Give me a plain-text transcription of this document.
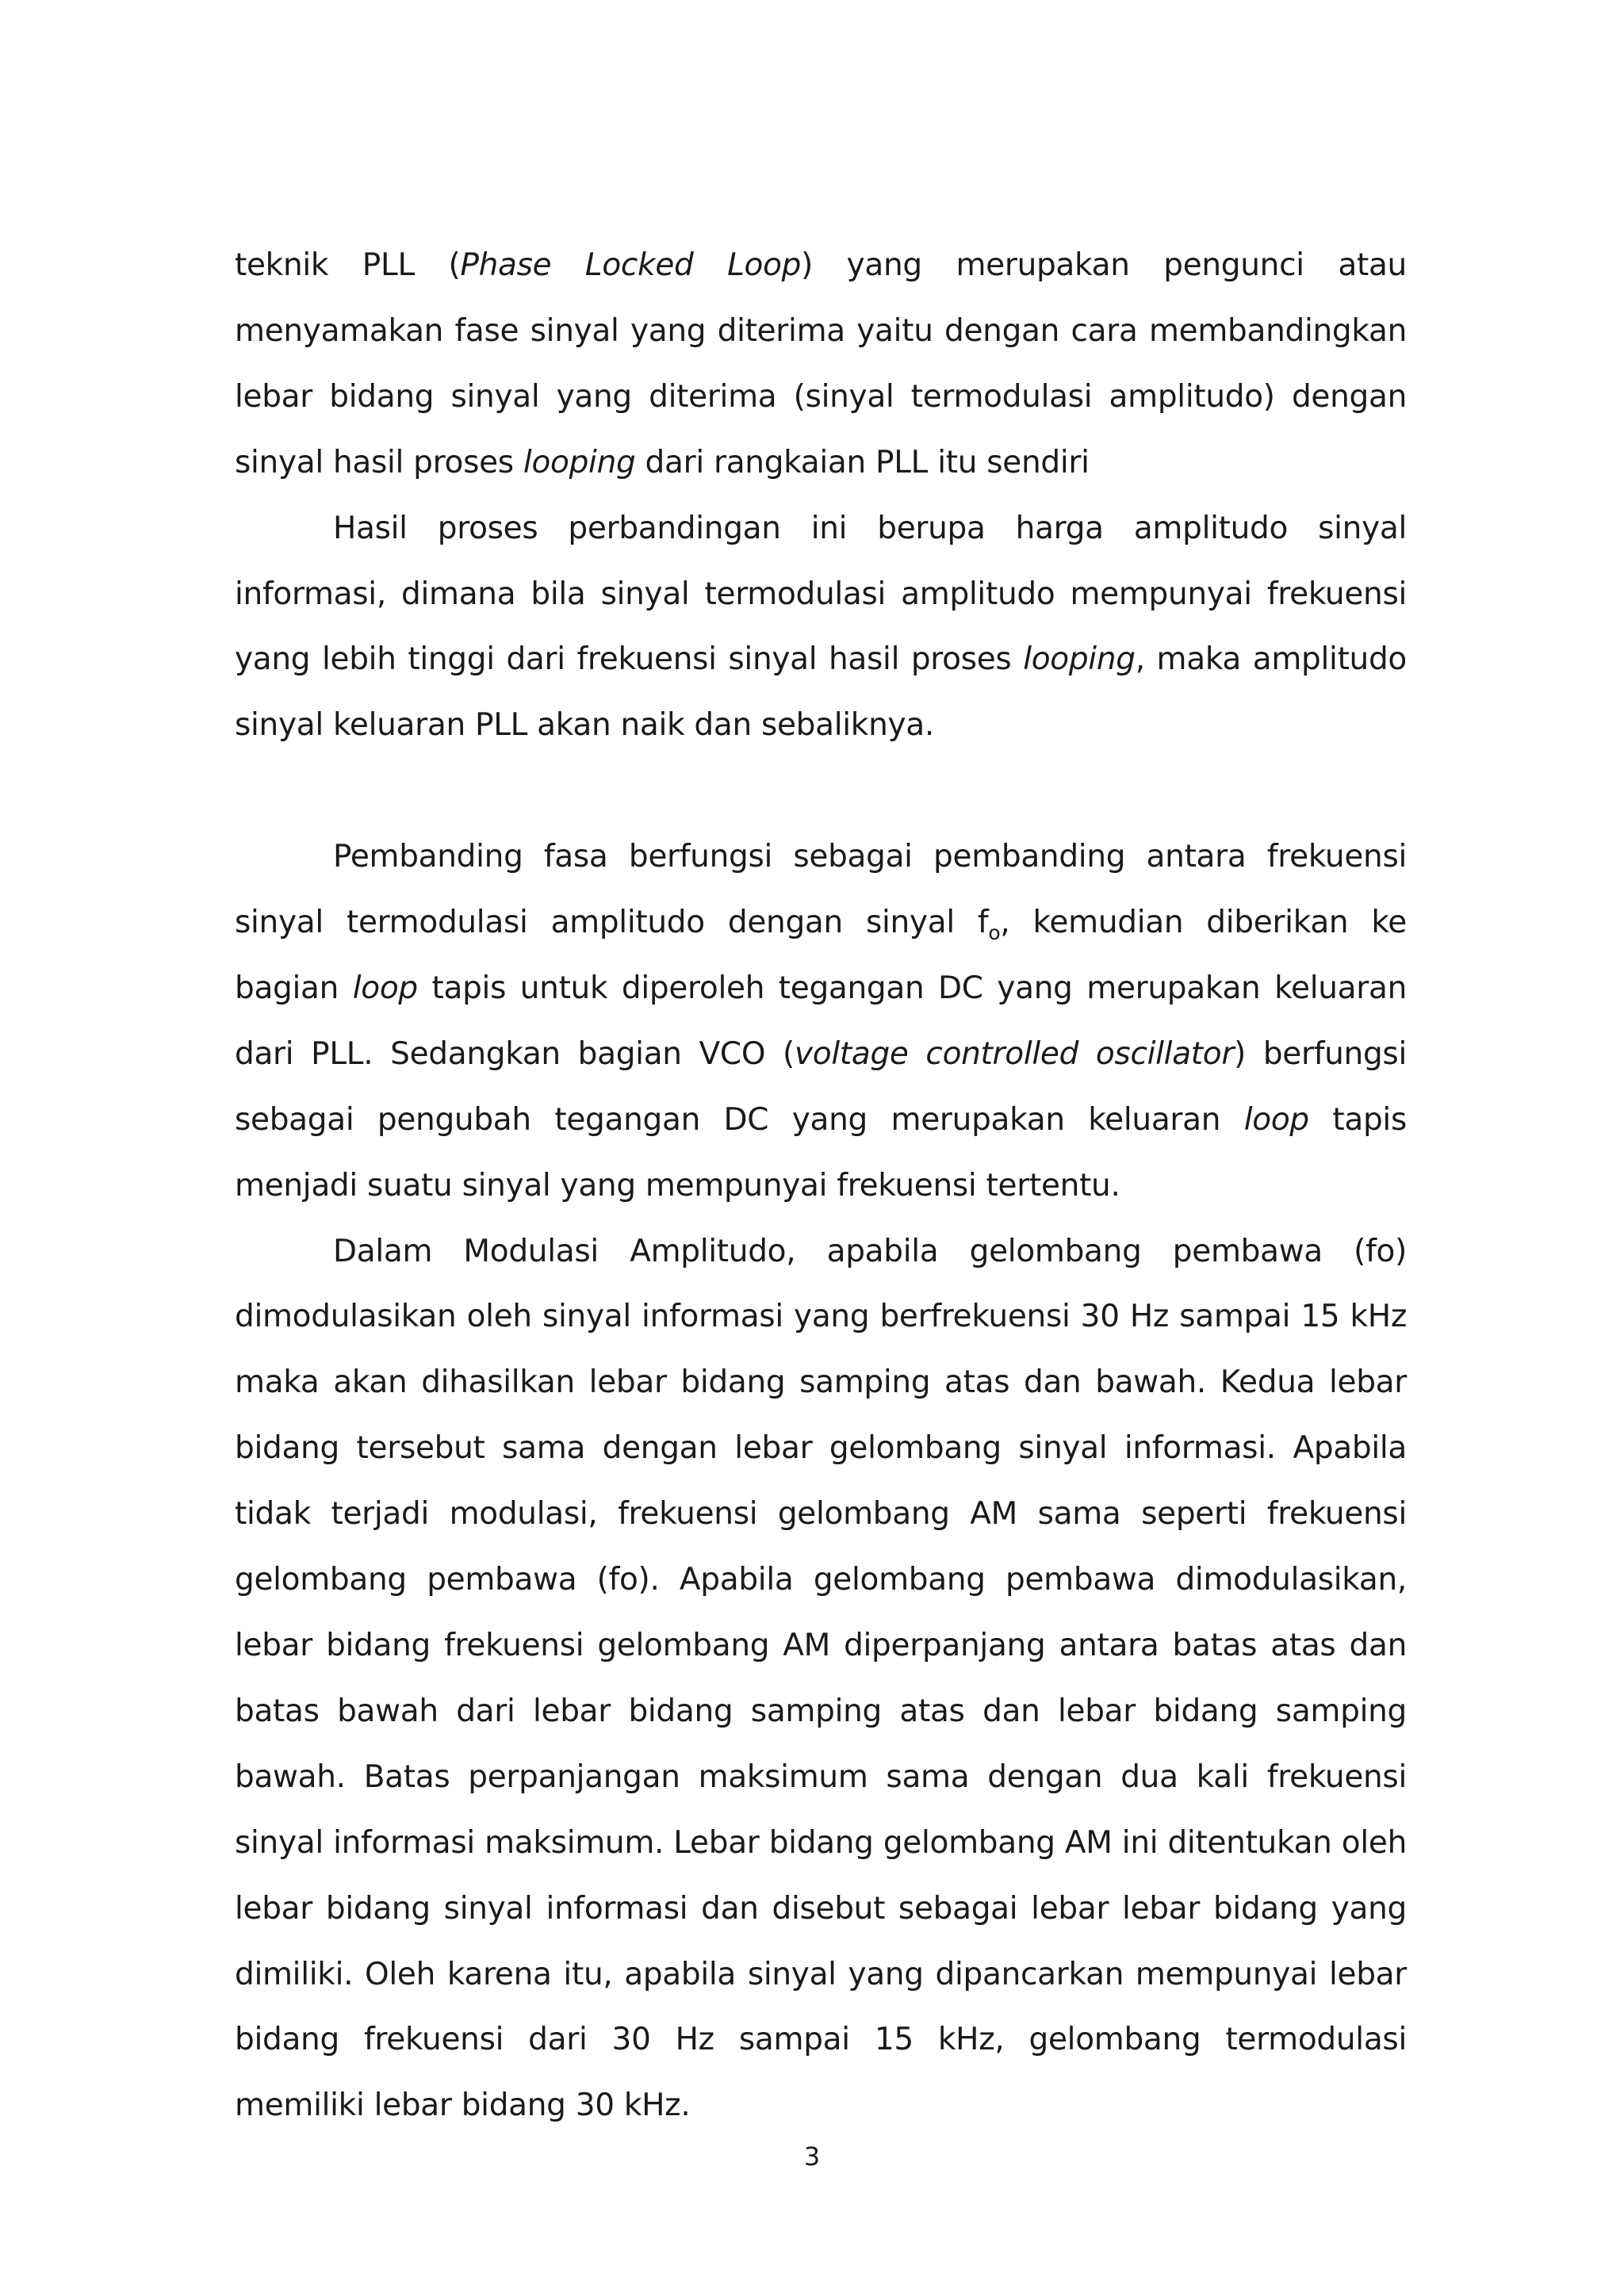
teknik PLL (Phase Locked Loop) yang merupakan pengunci atau menyamakan fase sinyal yang diterima yaitu dengan cara membandingkan lebar bidang sinyal yang diterima (sinyal termodulasi amplitudo) dengan sinyal hasil proses looping dari rangkaian PLL itu sendiri

Hasil proses perbandingan ini berupa harga amplitudo sinyal informasi, dimana bila sinyal termodulasi amplitudo mempunyai frekuensi yang lebih tinggi dari frekuensi sinyal hasil proses looping, maka amplitudo sinyal keluaran PLL akan naik dan sebaliknya.

Pembanding fasa berfungsi sebagai pembanding antara frekuensi sinyal termodulasi amplitudo dengan sinyal $f_o$, kemudian diberikan ke bagian loop tapis untuk diperoleh tegangan DC yang merupakan keluaran dari PLL. Sedangkan bagian VCO (voltage controlled oscillator) berfungsi sebagai pengubah tegangan DC yang merupakan keluaran loop tapis menjadi suatu sinyal yang mempunyai frekuensi tertentu.

Dalam Modulasi Amplitudo, apabila gelombang pembawa (fo) dimodulasikan oleh sinyal informasi yang berfrekuensi 30 Hz sampai 15 kHz maka akan dihasilkan lebar bidang samping atas dan bawah. Kedua lebar bidang tersebut sama dengan lebar gelombang sinyal informasi. Apabila tidak terjadi modulasi, frekuensi gelombang AM sama seperti frekuensi gelombang pembawa (fo). Apabila gelombang pembawa dimodulasikan, lebar bidang frekuensi gelombang AM diperpanjang antara batas atas dan batas bawah dari lebar bidang samping atas dan lebar bidang samping bawah. Batas perpanjangan maksimum sama dengan dua kali frekuensi sinyal informasi maksimum. Lebar bidang gelombang AM ini ditentukan oleh lebar bidang sinyal informasi dan disebut sebagai lebar lebar bidang yang dimiliki. Oleh karena itu, apabila sinyal yang dipancarkan mempunyai lebar bidang frekuensi dari 30 Hz sampai 15 kHz, gelombang termodulasi memiliki lebar bidang 30 kHz.

3
